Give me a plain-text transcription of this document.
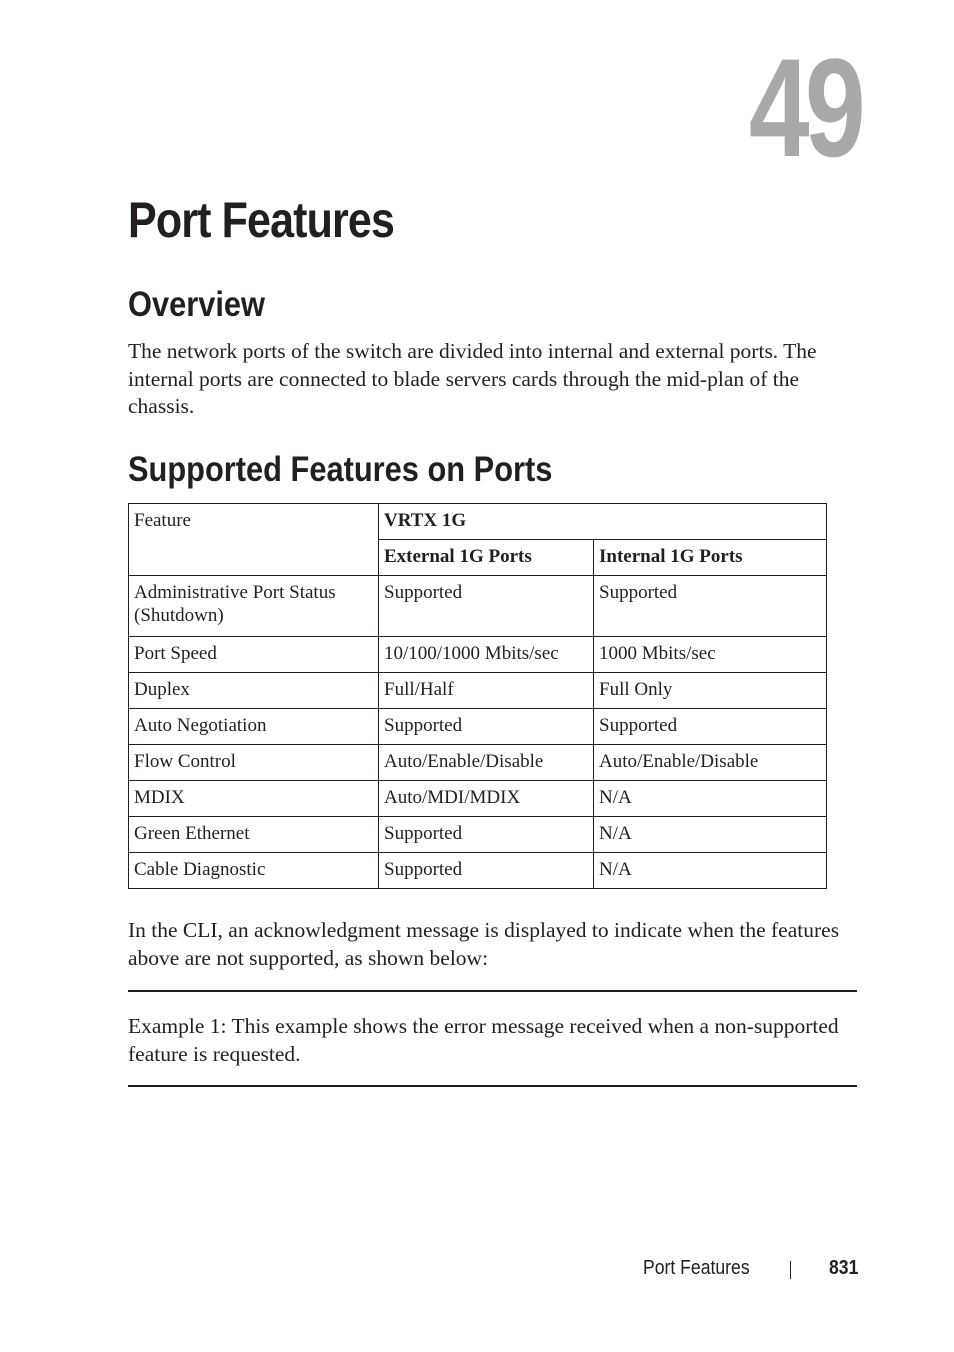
49
Port Features
Overview

The network ports of the switch are divided into internal and external ports. The internal ports are connected to blade servers cards through the mid-plan of the chassis.

Supported Features on Ports
Feature	VRTX 1G	
	External 1G Ports	Internal 1G Ports
Administrative Port Status (Shutdown)	Supported	Supported
Port Speed	10/100/1000 Mbits/sec	1000 Mbits/sec
Duplex	Full/Half	Full Only
Auto Negotiation	Supported	Supported
Flow Control	Auto/Enable/Disable	Auto/Enable/Disable
MDIX	Auto/MDI/MDIX	N/A
Green Ethernet	Supported	N/A
Cable Diagnostic	Supported	N/A

In the CLI, an acknowledgment message is displayed to indicate when the features above are not supported, as shown below:

Example 1: This example shows the error message received when a non-supported feature is requested.

Port Features	831
